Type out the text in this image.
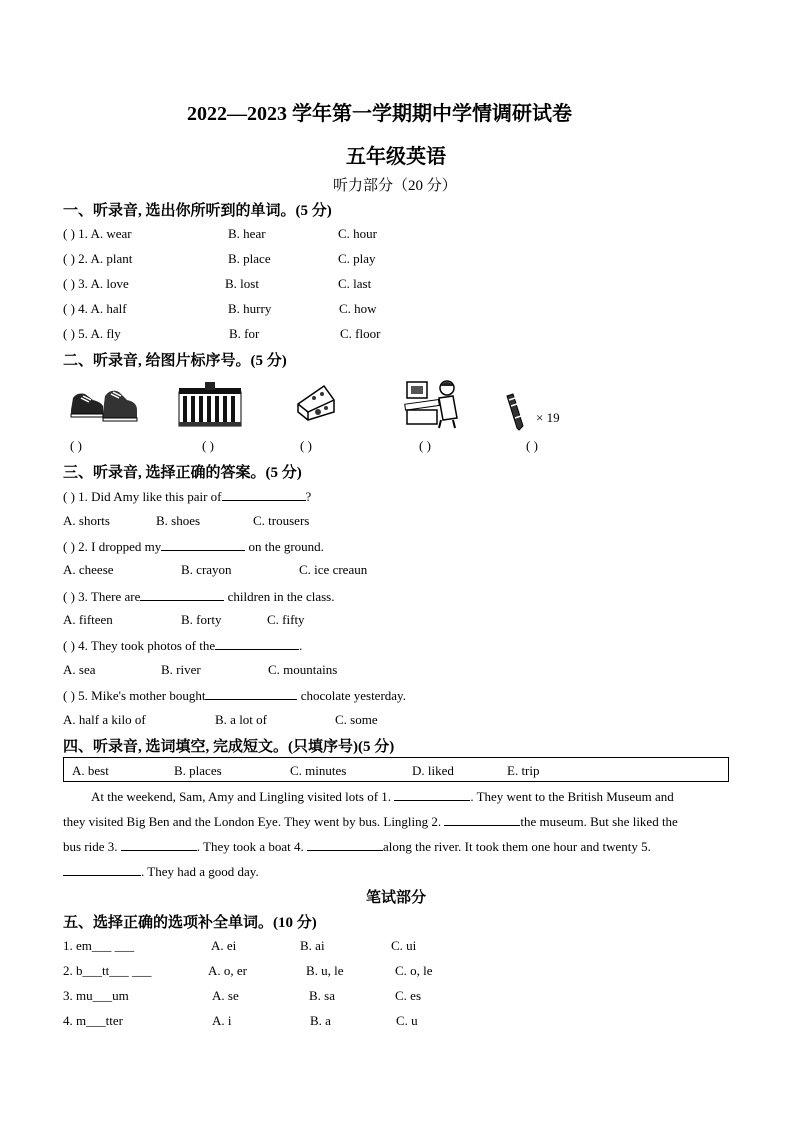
2022—2023 学年第一学期期中学情调研试卷
五年级英语
听力部分（20 分）
一、听录音, 选出你所听到的单词。(5 分)
( ) 1. A. wear	B. hear	C. hour
( ) 2. A. plant	B. place	C. play
( ) 3. A. love	B. lost	C. last
( ) 4. A. half	B. hurry	C. how
( ) 5. A. fly	B. for	C. floor
二、听录音, 给图片标序号。(5 分)
× 19
( )	( )	( )	( )	( )
三、听录音, 选择正确的答案。(5 分)
( ) 1. Did Amy like this pair of	?
A. shorts	B. shoes	C. trousers
( ) 2. I dropped my	on the ground.
A. cheese	B. crayon	C. ice creaun
( ) 3. There are	children in the class.
A. fifteen	B. forty	C. fifty
( ) 4. They took photos of the	.
A. sea	B. river	C. mountains
( ) 5. Mike's mother bought	chocolate yesterday.
A. half a kilo of	B. a lot of	C. some
四、听录音, 选词填空, 完成短文。(只填序号)(5 分)
A. best	B. places	C. minutes	D. liked	E. trip
At the weekend, Sam, Amy and Lingling visited lots of 1.	. They went to the British Museum and
they visited Big Ben and the London Eye. They went by bus. Lingling 2.	the museum. But she liked the
bus ride 3.	. They took a boat 4.	along the river. It took them one hour and twenty 5.
. They had a good day.
笔试部分
五、选择正确的选项补全单词。(10 分)
1. em___ ___	A. ei	B. ai	C. ui
2. b___tt___ ___	A. o, er	B. u, le	C. o, le
3. mu___um	A. se	B. sa	C. es
4. m___tter	A. i	B. a	C. u
